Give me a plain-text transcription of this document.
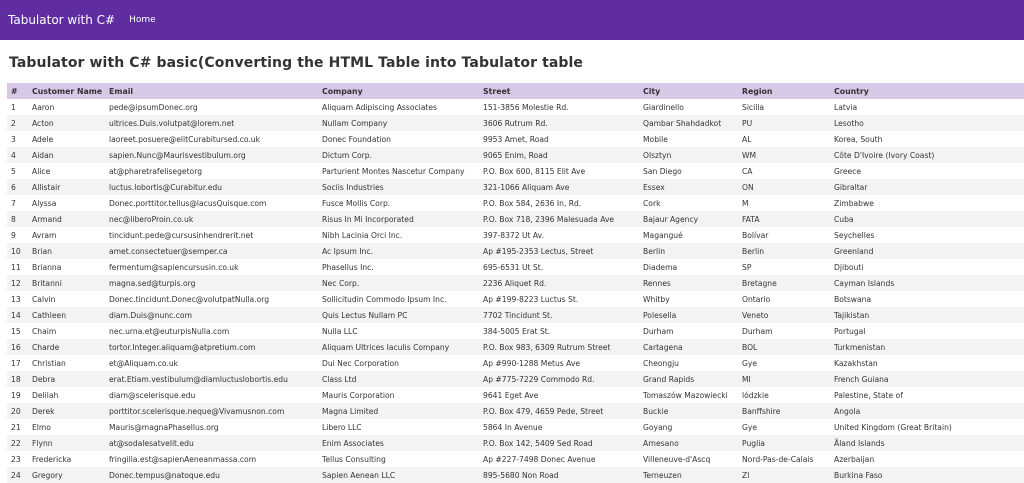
Tabulator with C# Home
Tabulator with C# basic(Converting the HTML Table into Tabulator table
#	Customer Name	Email	Company	Street	City	Region	Country
1	Aaron	pede@ipsumDonec.org	Aliquam Adipiscing Associates	151-3856 Molestie Rd.	Giardinello	Sicilia	Latvia
2	Acton	ultrices.Duis.volutpat@lorem.net	Nullam Company	3606 Rutrum Rd.	Qambar Shahdadkot	PU	Lesotho
3	Adele	laoreet.posuere@elitCurabitursed.co.uk	Donec Foundation	9953 Amet, Road	Mobile	AL	Korea, South
4	Aidan	sapien.Nunc@Maurisvestibulum.org	Dictum Corp.	9065 Enim, Road	Olsztyn	WM	Côte D'Ivoire (Ivory Coast)
5	Alice	at@pharetrafelisegetorg	Parturient Montes Nascetur Company	P.O. Box 600, 8115 Elit Ave	San Diego	CA	Greece
6	Allistair	luctus.lobortis@Curabitur.edu	Sociis Industries	321-1066 Aliquam Ave	Essex	ON	Gibraltar
7	Alyssa	Donec.porttitor.tellus@lacusQuisque.com	Fusce Mollis Corp.	P.O. Box 584, 2636 In, Rd.	Cork	M	Zimbabwe
8	Armand	nec@liberoProin.co.uk	Risus In Mi Incorporated	P.O. Box 718, 2396 Malesuada Ave	Bajaur Agency	FATA	Cuba
9	Avram	tincidunt.pede@cursusinhendrerit.net	Nibh Lacinia Orci Inc.	397-8372 Ut Av.	Magangué	Bolívar	Seychelles
10	Brian	amet.consectetuer@semper.ca	Ac Ipsum Inc.	Ap #195-2353 Lectus, Street	Berlin	Berlin	Greenland
11	Brianna	fermentum@sapiencursusin.co.uk	Phasellus Inc.	695-6531 Ut St.	Diadema	SP	Djibouti
12	Britanni	magna.sed@turpis.org	Nec Corp.	2236 Aliquet Rd.	Rennes	Bretagne	Cayman Islands
13	Calvin	Donec.tincidunt.Donec@volutpatNulla.org	Sollicitudin Commodo Ipsum Inc.	Ap #199-8223 Luctus St.	Whitby	Ontario	Botswana
14	Cathleen	diam.Duis@nunc.com	Quis Lectus Nullam PC	7702 Tincidunt St.	Polesella	Veneto	Tajikistan
15	Chaim	nec.urna.et@euturpisNulla.com	Nulla LLC	384-5005 Erat St.	Durham	Durham	Portugal
16	Charde	tortor.Integer.aliquam@atpretium.com	Aliquam Ultrices Iaculis Company	P.O. Box 983, 6309 Rutrum Street	Cartagena	BOL	Turkmenistan
17	Christian	et@Aliquam.co.uk	Dui Nec Corporation	Ap #990-1288 Metus Ave	Cheongju	Gye	Kazakhstan
18	Debra	erat.Etiam.vestibulum@diamluctuslobortis.edu	Class Ltd	Ap #775-7229 Commodo Rd.	Grand Rapids	MI	French Guiana
19	Delilah	diam@scelerisque.edu	Mauris Corporation	9641 Eget Ave	Tomaszów Mazowiecki	lódzkie	Palestine, State of
20	Derek	porttitor.scelerisque.neque@Vivamusnon.com	Magna Limited	P.O. Box 479, 4659 Pede, Street	Buckie	Banffshire	Angola
21	Elmo	Mauris@magnaPhasellus.org	Libero LLC	5864 In Avenue	Goyang	Gye	United Kingdom (Great Britain)
22	Flynn	at@sodalesatvelit.edu	Enim Associates	P.O. Box 142, 5409 Sed Road	Arnesano	Puglia	Åland Islands
23	Fredericka	fringilla.est@sapienAeneanmassa.com	Tellus Consulting	Ap #227-7498 Donec Avenue	Villeneuve-d'Ascq	Nord-Pas-de-Calais	Azerbaijan
24	Gregory	Donec.tempus@natoque.edu	Sapien Aenean LLC	895-5680 Non Road	Terneuzen	Zl	Burkina Faso
